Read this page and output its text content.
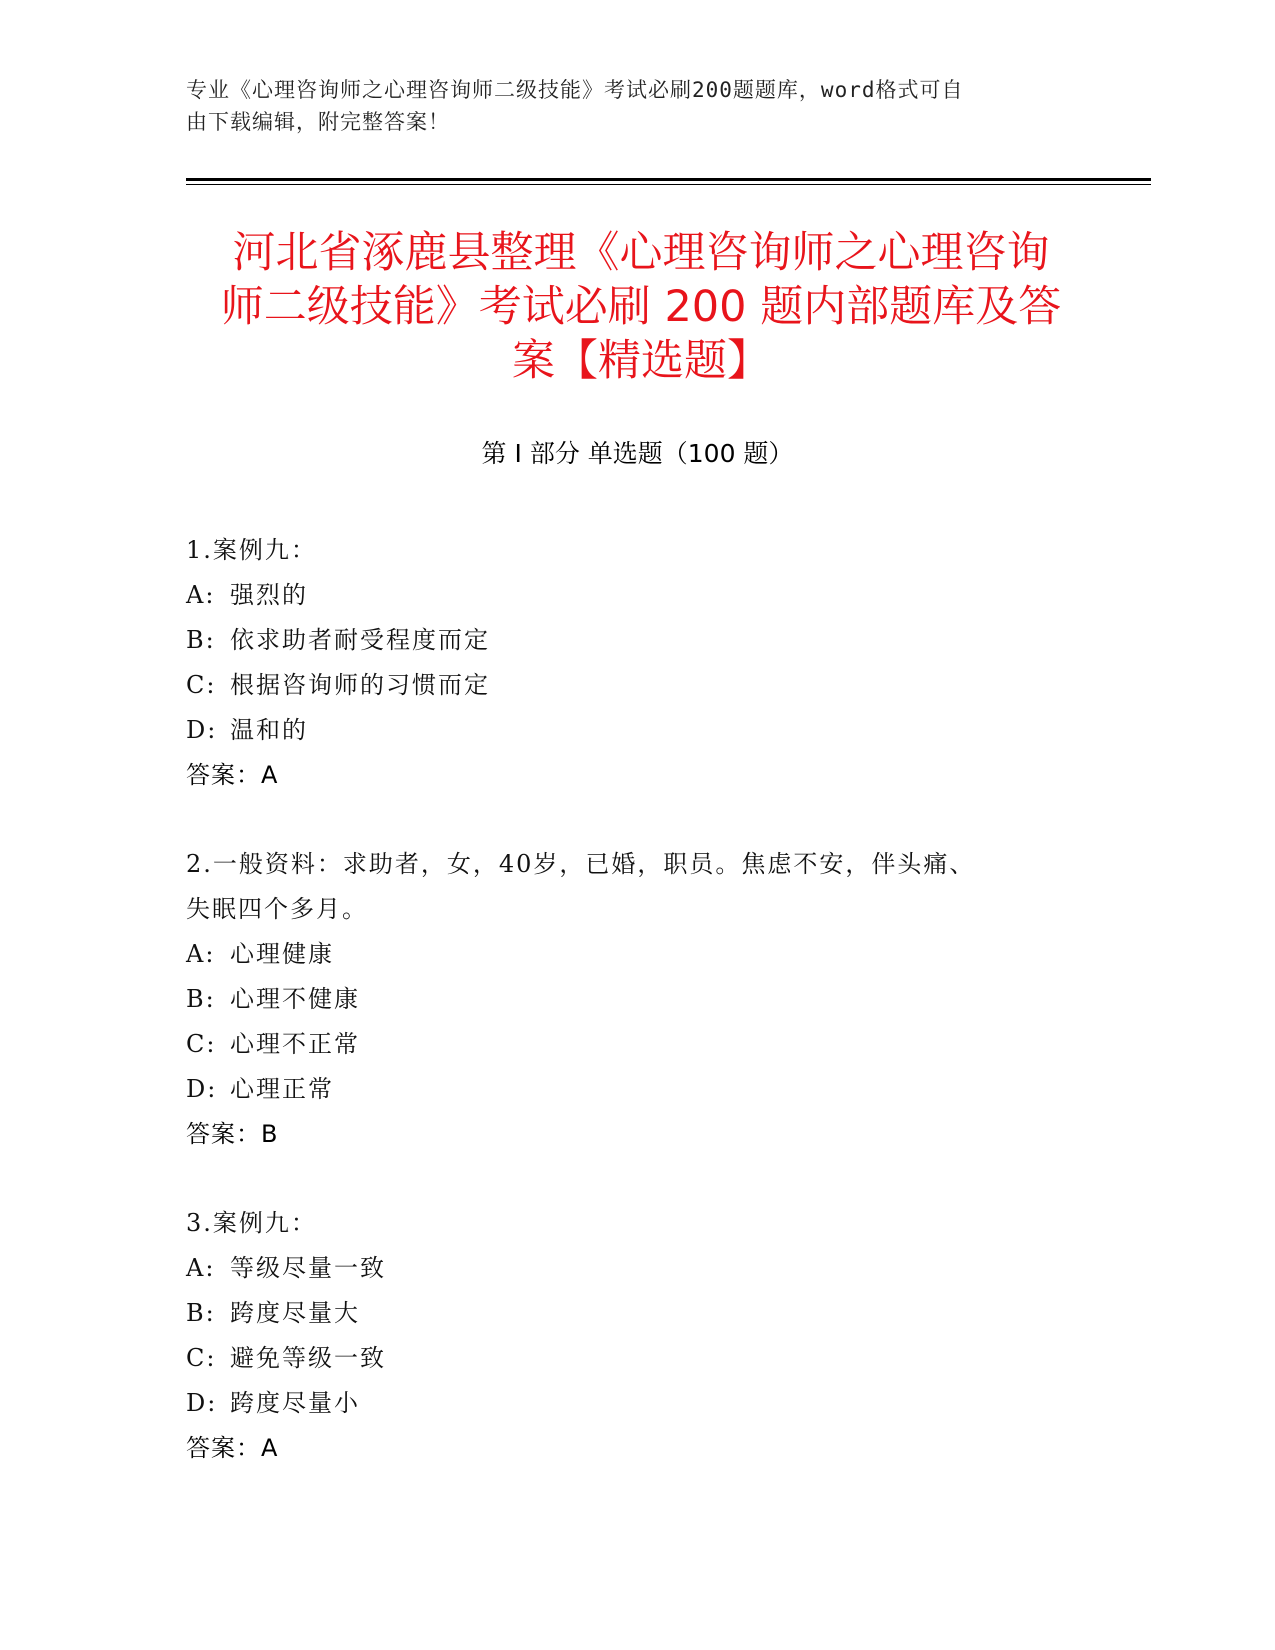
专业《心理咨询师之心理咨询师二级技能》考试必刷200题题库，word格式可自
由下载编辑，附完整答案！
河北省涿鹿县整理《心理咨询师之心理咨询
师二级技能》考试必刷 200 题内部题库及答
案【精选题】
第 I 部分 单选题（100 题）
1.案例九：
A: 强烈的
B: 依求助者耐受程度而定
C: 根据咨询师的习惯而定
D: 温和的
答案：A
2.一般资料：求助者，女，40岁，已婚，职员。焦虑不安，伴头痛、
失眠四个多月。
A: 心理健康
B: 心理不健康
C: 心理不正常
D: 心理正常
答案：B
3.案例九：
A: 等级尽量一致
B: 跨度尽量大
C: 避免等级一致
D: 跨度尽量小
答案：A
